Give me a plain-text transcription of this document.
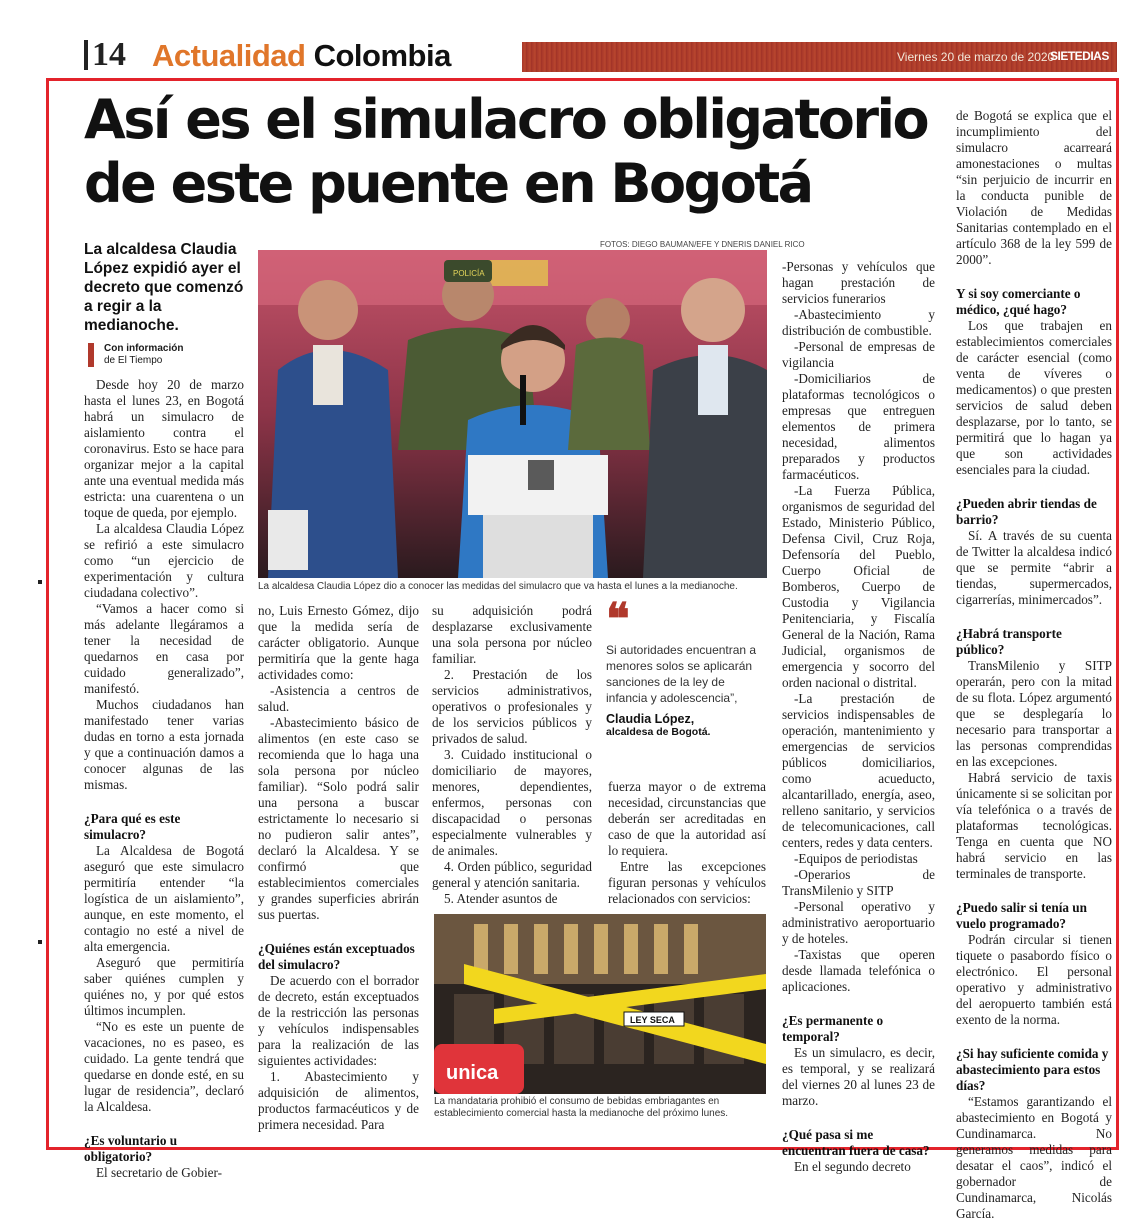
14 Actualidad Colombia	Viernes 20 de marzo de 2020
SIETEDIAS
Así es el simulacro obligatorio de este puente en Bogotá
La alcaldesa Claudia López expidió ayer el decreto que comenzó a regir a la medianoche.
Con información
de El Tiempo

Desde hoy 20 de marzo hasta el lunes 23, en Bogotá habrá un simulacro de aislamiento contra el coronavirus. Esto se hace para organizar mejor a la capital ante una eventual medida más estricta: una cuarentena o un toque de queda, por ejemplo.

La alcaldesa Claudia López se refirió a este simulacro como “un ejercicio de experimentación y cultura ciudadana colectivo”.

“Vamos a hacer como si más adelante llegáramos a tener la necesidad de quedarnos en casa por cuidado generalizado”, manifestó.

Muchos ciudadanos han manifestado tener varias dudas en torno a esta jornada y que a continuación damos a conocer algunas de las mismas.

¿Para qué es este simulacro?

La Alcaldesa de Bogotá aseguró que este simulacro permitiría entender “la logística de un aislamiento”, aunque, en este momento, el contagio no esté a nivel de alta emergencia.

Aseguró que permitiría saber quiénes cumplen y quiénes no, y por qué estos últimos incumplen.

“No es este un puente de vacaciones, no es paseo, es cuidado. La gente tendrá que quedarse en donde esté, en su lugar de residencia”, declaró la Alcaldesa.

¿Es voluntario u obligatorio?

El secretario de Gobier-

FOTOS: DIEGO BAUMAN/EFE Y DNERIS DANIEL RICO
POLICÍA
La alcaldesa Claudia López dio a conocer las medidas del simulacro que va hasta el lunes a la medianoche.

no, Luis Ernesto Gómez, dijo que la medida sería de carácter obligatorio. Aunque permitiría que la gente haga actividades como:

-Asistencia a centros de salud.

-Abastecimiento básico de alimentos (en este caso se recomienda que lo haga una sola persona por núcleo familiar). “Solo podrá salir una persona a buscar estrictamente lo necesario si no pudieron salir antes”, declaró la Alcaldesa. Y se confirmó que establecimientos comerciales y grandes superficies abrirán sus puertas.

¿Quiénes están exceptuados del simulacro?

De acuerdo con el borrador de decreto, están exceptuados de la restricción las personas y vehículos indispensables para la realización de las siguientes actividades:

1. Abastecimiento y adquisición de alimentos, productos farmacéuticos y de primera necesidad. Para

su adquisición podrá desplazarse exclusivamente una sola persona por núcleo familiar.

2. Prestación de los servicios administrativos, operativos o profesionales y de los servicios públicos y privados de salud.

3. Cuidado institucional o domiciliario de mayores, menores, dependientes, enfermos, personas con discapacidad o personas especialmente vulnerables y de animales.

4. Orden público, seguridad general y atención sanitaria.

5. Atender asuntos de

❝
Si autoridades encuentran a menores solos se aplicarán sanciones de la ley de infancia y adolescencia”,
Claudia López,
alcaldesa de Bogotá.

fuerza mayor o de extrema necesidad, circunstancias que deberán ser acreditadas en caso de que la autoridad así lo requiera.

Entre las excepciones figuran personas y vehículos relacionados con servicios:

LEY SECA
unica
La mandataria prohibió el consumo de bebidas embriagantes en establecimiento comercial hasta la medianoche del próximo lunes.

-Personas y vehículos que hagan prestación de servicios funerarios

-Abastecimiento y distribución de combustible.

-Personal de empresas de vigilancia

-Domiciliarios de plataformas tecnológicos o empresas que entreguen elementos de primera necesidad, alimentos preparados y productos farmacéuticos.

-La Fuerza Pública, organismos de seguridad del Estado, Ministerio Público, Defensa Civil, Cruz Roja, Defensoría del Pueblo, Cuerpo Oficial de Bomberos, Cuerpo de Custodia y Vigilancia Penitenciaria, y Fiscalía General de la Nación, Rama Judicial, organismos de emergencia y socorro del orden nacional o distrital.

-La prestación de servicios indispensables de operación, mantenimiento y emergencias de servicios públicos domiciliarios, como acueducto, alcantarillado, energía, aseo, relleno sanitario, y servicios de telecomunicaciones, call centers, redes y data centers.

-Equipos de periodistas

-Operarios de TransMilenio y SITP

-Personal operativo y administrativo aeroportuario y de hoteles.

-Taxistas que operen desde llamada telefónica o aplicaciones.

¿Es permanente o temporal?

Es un simulacro, es decir, es temporal, y se realizará del viernes 20 al lunes 23 de marzo.

¿Qué pasa si me encuentran fuera de casa?

En el segundo decreto

de Bogotá se explica que el incumplimiento del simulacro acarreará amonestaciones o multas “sin perjuicio de incurrir en la conducta punible de Violación de Medidas Sanitarias contemplado en el artículo 368 de la ley 599 de 2000”.

Y si soy comerciante o médico, ¿qué hago?

Los que trabajen en establecimientos comerciales de carácter esencial (como venta de víveres o medicamentos) o que presten servicios de salud deben desplazarse, por lo tanto, se permitirá que lo hagan ya que son actividades esenciales para la ciudad.

¿Pueden abrir tiendas de barrio?

Sí. A través de su cuenta de Twitter la alcaldesa indicó que se permite “abrir a tiendas, supermercados, cigarrerías, minimercados”.

¿Habrá transporte público?

TransMilenio y SITP operarán, pero con la mitad de su flota. López argumentó que se desplegaría lo necesario para transportar a las personas comprendidas en las excepciones.

Habrá servicio de taxis únicamente si se solicitan por vía telefónica o a través de plataformas tecnológicas. Tenga en cuenta que NO habrá servicio en las terminales de transporte.

¿Puedo salir si tenía un vuelo programado?

Podrán circular si tienen tiquete o pasabordo físico o electrónico. El personal operativo y administrativo del aeropuerto también está exento de la norma.

¿Si hay suficiente comida y abastecimiento para estos días?

“Estamos garantizando el abastecimiento en Bogotá y Cundinamarca. No generamos medidas para desatar el caos”, indicó el gobernador de Cundinamarca, Nicolás García.
